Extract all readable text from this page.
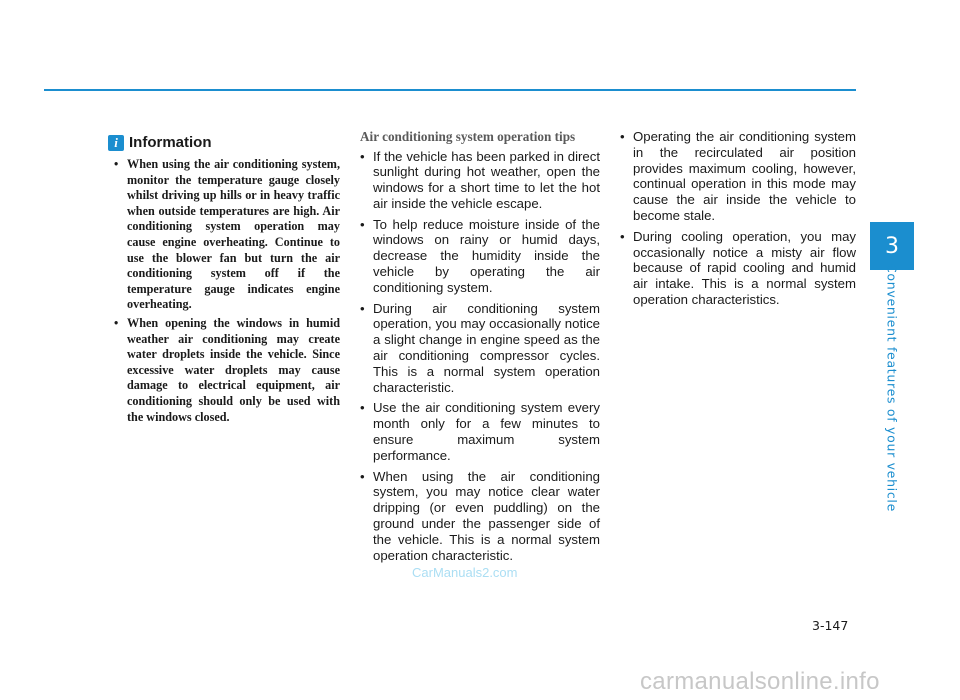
3
Convenient features of your vehicle
i Information
• When using the air conditioning system, monitor the temperature gauge closely whilst driving up hills or in heavy traffic when outside temperatures are high. Air conditioning system operation may cause engine overheating. Continue to use the blower fan but turn the air conditioning system off if the temperature gauge indicates engine overheating.
• When opening the windows in humid weather air conditioning may create water droplets inside the vehicle. Since excessive water droplets may cause damage to electrical equipment, air conditioning should only be used with the windows closed.
Air conditioning system operation tips
• If the vehicle has been parked in direct sunlight during hot weather, open the windows for a short time to let the hot air inside the vehicle escape.
• To help reduce moisture inside of the windows on rainy or humid days, decrease the humidity inside the vehicle by operating the air conditioning system.
• During air conditioning system operation, you may occasionally notice a slight change in engine speed as the air conditioning compressor cycles. This is a normal system operation characteristic.
• Use the air conditioning system every month only for a few minutes to ensure maximum system performance.
• When using the air conditioning system, you may notice clear water dripping (or even puddling) on the ground under the passenger side of the vehicle. This is a normal system operation characteristic.
• Operating the air conditioning system in the recirculated air position provides maximum cooling, however, continual operation in this mode may cause the air inside the vehicle to become stale.
• During cooling operation, you may occasionally notice a misty air flow because of rapid cooling and humid air intake. This is a normal system operation characteristics.
CarManuals2.com
3-147
carmanualsonline.info
